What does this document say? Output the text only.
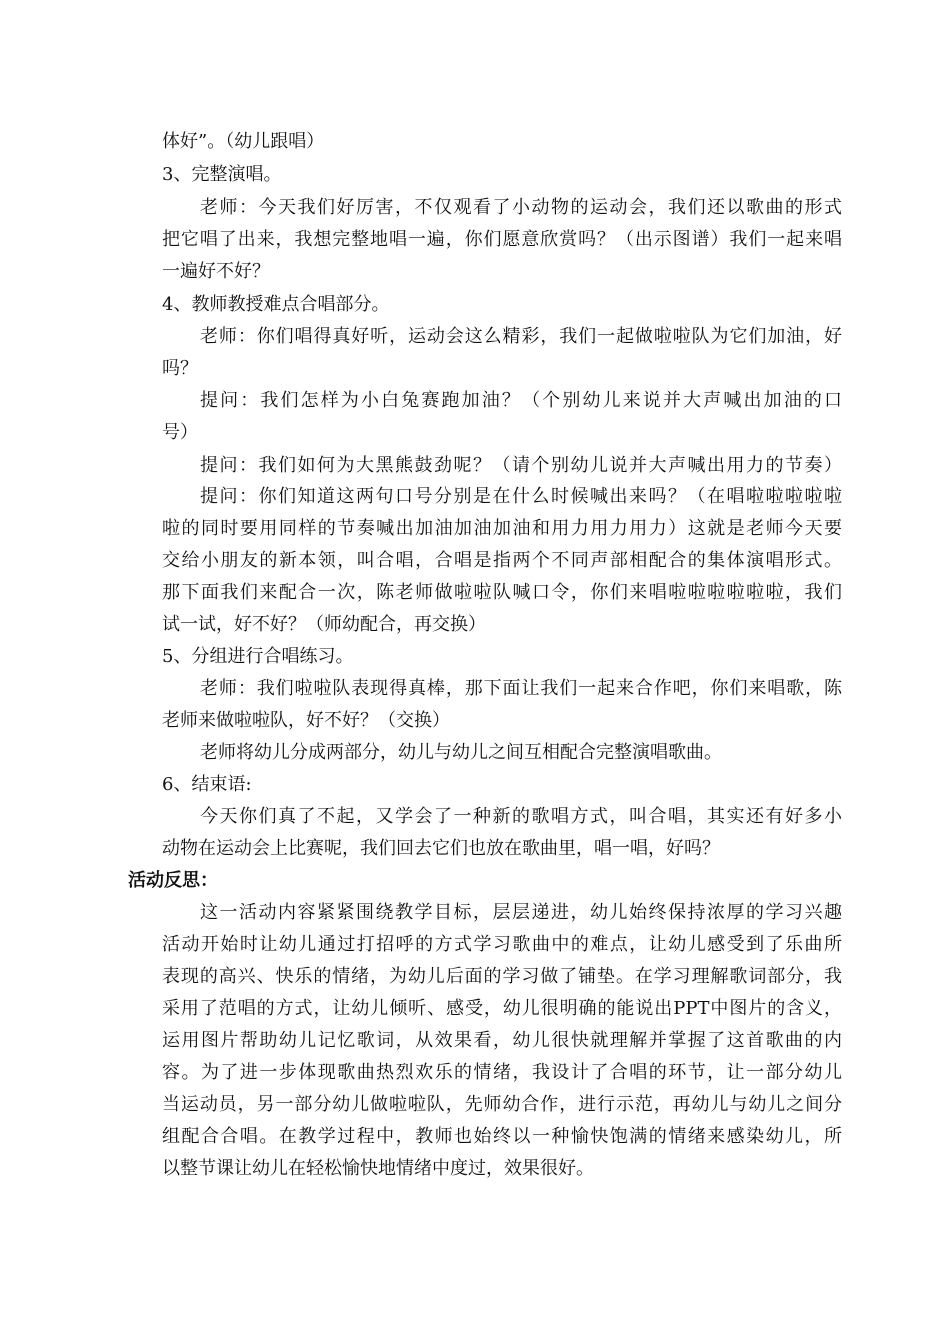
体好”。（幼儿跟唱）
3、完整演唱。
老师：今天我们好厉害，不仅观看了小动物的运动会，我们还以歌曲的形式
把它唱了出来，我想完整地唱一遍，你们愿意欣赏吗？（出示图谱）我们一起来唱
一遍好不好？
4、教师教授难点合唱部分。
老师：你们唱得真好听，运动会这么精彩，我们一起做啦啦队为它们加油，好
吗？
提问：我们怎样为小白兔赛跑加油？（个别幼儿来说并大声喊出加油的口
号）
提问：我们如何为大黑熊鼓劲呢？（请个别幼儿说并大声喊出用力的节奏）
提问：你们知道这两句口号分别是在什么时候喊出来吗？（在唱啦啦啦啦啦
啦的同时要用同样的节奏喊出加油加油加油和用力用力用力）这就是老师今天要
交给小朋友的新本领，叫合唱，合唱是指两个不同声部相配合的集体演唱形式。
那下面我们来配合一次，陈老师做啦啦队喊口令，你们来唱啦啦啦啦啦啦，我们
试一试，好不好？（师幼配合，再交换）
5、分组进行合唱练习。
老师：我们啦啦队表现得真棒，那下面让我们一起来合作吧，你们来唱歌，陈
老师来做啦啦队，好不好？（交换）
老师将幼儿分成两部分，幼儿与幼儿之间互相配合完整演唱歌曲。
6、结束语:
今天你们真了不起，又学会了一种新的歌唱方式，叫合唱，其实还有好多小
动物在运动会上比赛呢，我们回去它们也放在歌曲里，唱一唱，好吗？
活动反思：
这一活动内容紧紧围绕教学目标，层层递进，幼儿始终保持浓厚的学习兴趣
活动开始时让幼儿通过打招呼的方式学习歌曲中的难点，让幼儿感受到了乐曲所
表现的高兴、快乐的情绪，为幼儿后面的学习做了铺垫。在学习理解歌词部分，我
采用了范唱的方式，让幼儿倾听、感受，幼儿很明确的能说出PPT中图片的含义，
运用图片帮助幼儿记忆歌词，从效果看，幼儿很快就理解并掌握了这首歌曲的内
容。为了进一步体现歌曲热烈欢乐的情绪，我设计了合唱的环节，让一部分幼儿
当运动员，另一部分幼儿做啦啦队，先师幼合作，进行示范，再幼儿与幼儿之间分
组配合合唱。在教学过程中，教师也始终以一种愉快饱满的情绪来感染幼儿，所
以整节课让幼儿在轻松愉快地情绪中度过，效果很好。
